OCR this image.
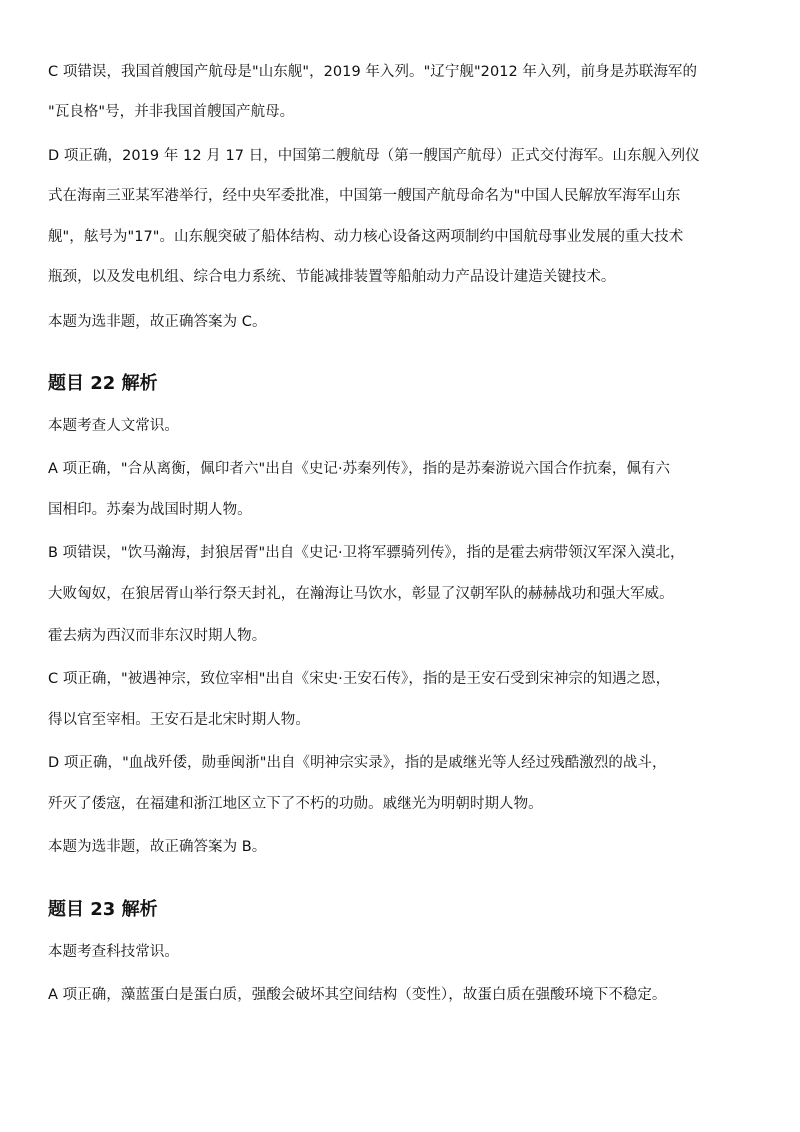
C 项错误，我国首艘国产航母是"山东舰"，2019 年入列。"辽宁舰"2012 年入列，前身是苏联海军的
"瓦良格"号，并非我国首艘国产航母。
D 项正确，2019 年 12 月 17 日，中国第二艘航母（第一艘国产航母）正式交付海军。山东舰入列仪
式在海南三亚某军港举行，经中央军委批准，中国第一艘国产航母命名为"中国人民解放军海军山东
舰"，舷号为"17"。山东舰突破了船体结构、动力核心设备这两项制约中国航母事业发展的重大技术
瓶颈，以及发电机组、综合电力系统、节能减排装置等船舶动力产品设计建造关键技术。
本题为选非题，故正确答案为 C。
题目 22 解析
本题考查人文常识。
A 项正确，"合从离衡，佩印者六"出自《史记·苏秦列传》，指的是苏秦游说六国合作抗秦，佩有六
国相印。苏秦为战国时期人物。
B 项错误，"饮马瀚海，封狼居胥"出自《史记·卫将军骠骑列传》，指的是霍去病带领汉军深入漠北，
大败匈奴，在狼居胥山举行祭天封礼，在瀚海让马饮水，彰显了汉朝军队的赫赫战功和强大军威。
霍去病为西汉而非东汉时期人物。
C 项正确，"被遇神宗，致位宰相"出自《宋史·王安石传》，指的是王安石受到宋神宗的知遇之恩，
得以官至宰相。王安石是北宋时期人物。
D 项正确，"血战歼倭，勋垂闽浙"出自《明神宗实录》，指的是戚继光等人经过残酷激烈的战斗，
歼灭了倭寇，在福建和浙江地区立下了不朽的功勋。戚继光为明朝时期人物。
本题为选非题，故正确答案为 B。
题目 23 解析
本题考查科技常识。
A 项正确，藻蓝蛋白是蛋白质，强酸会破坏其空间结构（变性），故蛋白质在强酸环境下不稳定。
